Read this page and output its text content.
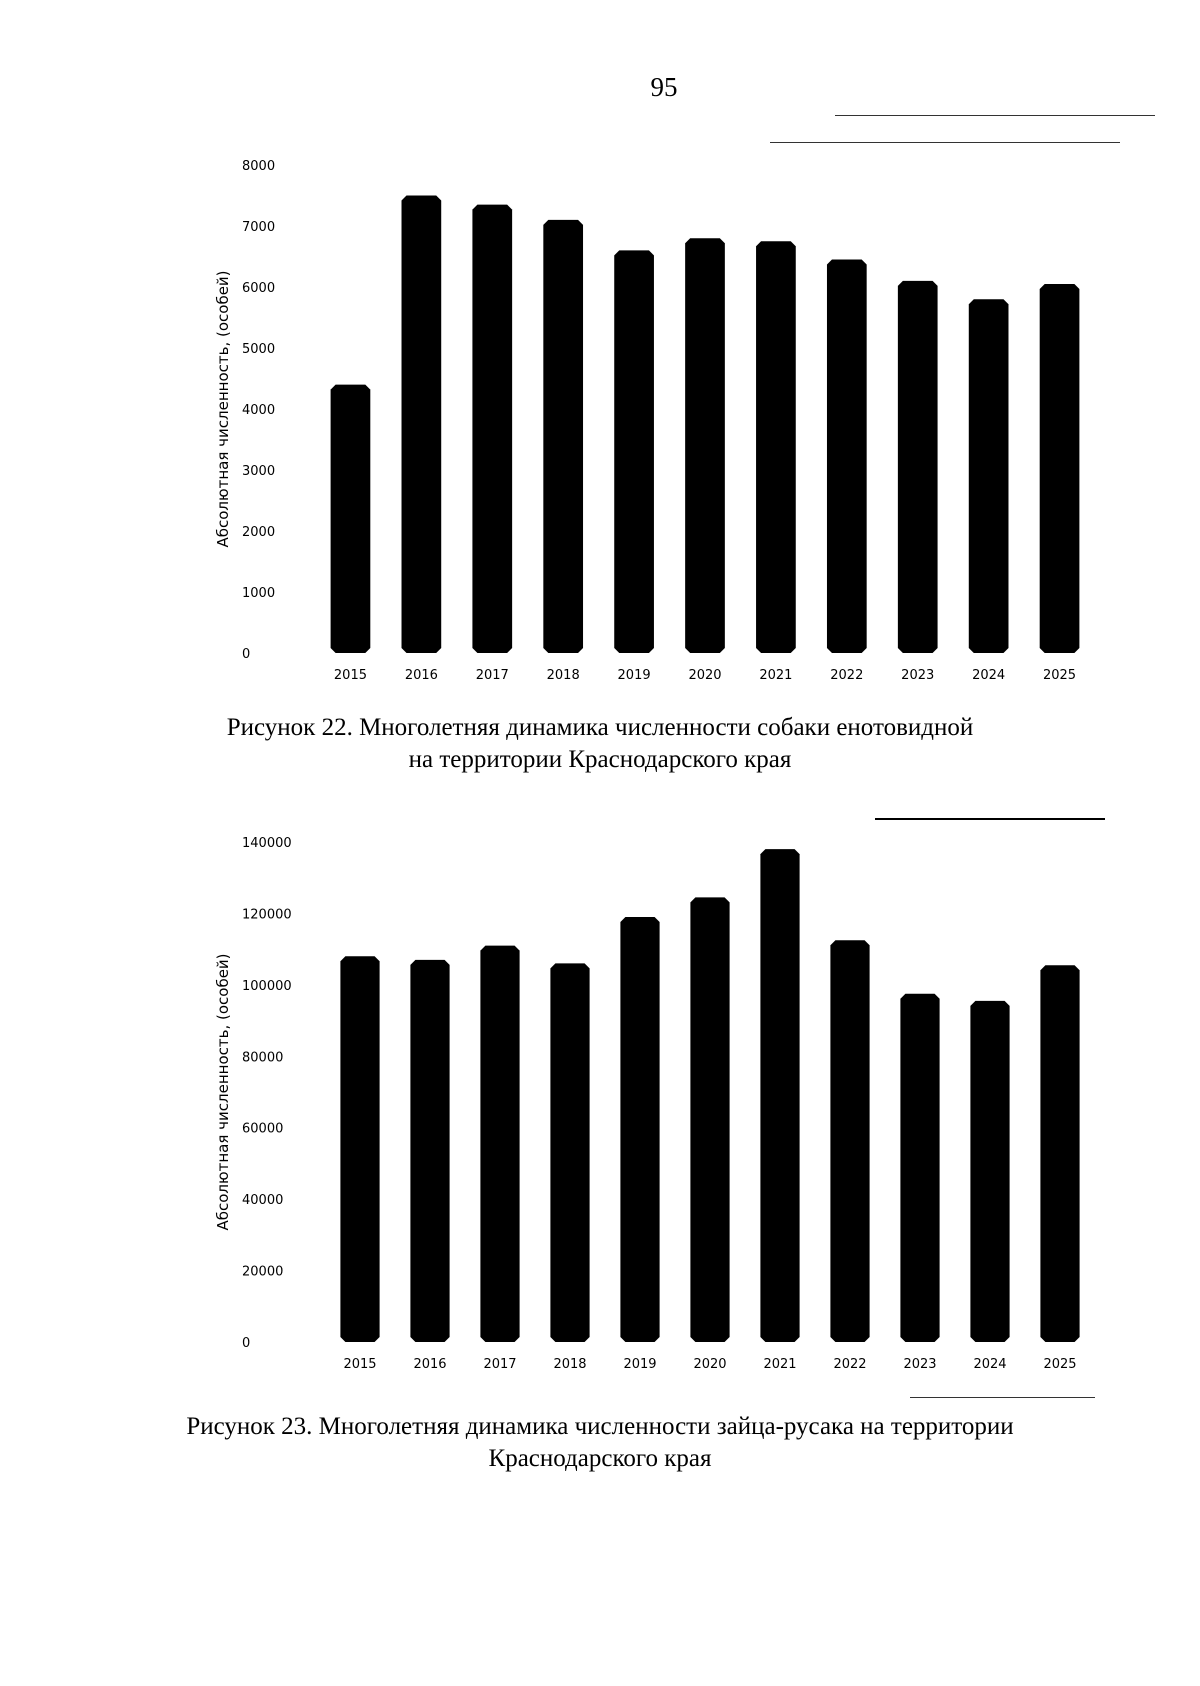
95
Абсолютная численность, (особей)
0
1000
2000
3000
4000
5000
6000
7000
8000
2015	2016	2017	2018	2019	2020	2021	2022	2023	2024	2025
Рисунок 22. Многолетняя динамика численности собаки енотовидной
на территории Краснодарского края
Абсолютная численность, (особей)
0
20000
40000
60000
80000
100000
120000
140000
2015	2016	2017	2018	2019	2020	2021	2022	2023	2024	2025
Рисунок 23. Многолетняя динамика численности зайца-русака на территории
Краснодарского края
